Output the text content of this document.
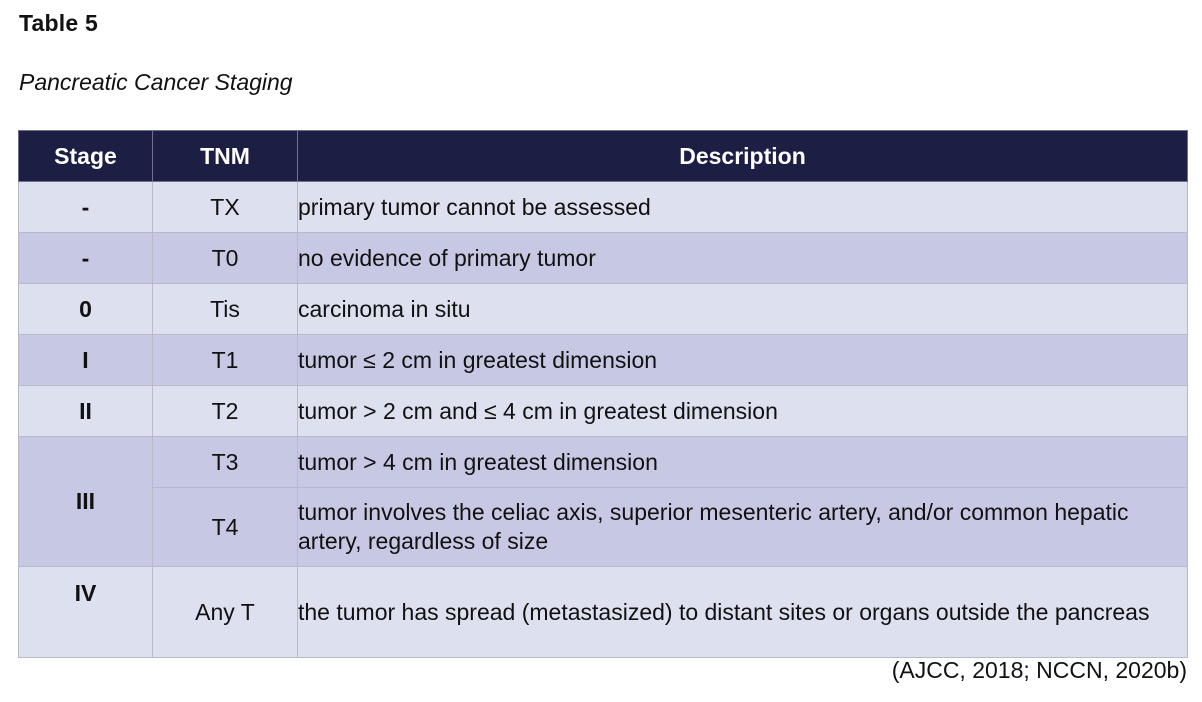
Table 5
Pancreatic Cancer Staging
Stage	TNM	Description
-	TX	primary tumor cannot be assessed
-	T0	no evidence of primary tumor
0	Tis	carcinoma in situ
I	T1	tumor ≤ 2 cm in greatest dimension
II	T2	tumor > 2 cm and ≤ 4 cm in greatest dimension
III	T3	tumor > 4 cm in greatest dimension
	T4	tumor involves the celiac axis, superior mesenteric artery, and/or common hepatic artery, regardless of size
IV	Any T	the tumor has spread (metastasized) to distant sites or organs outside the pancreas
(AJCC, 2018; NCCN, 2020b)
